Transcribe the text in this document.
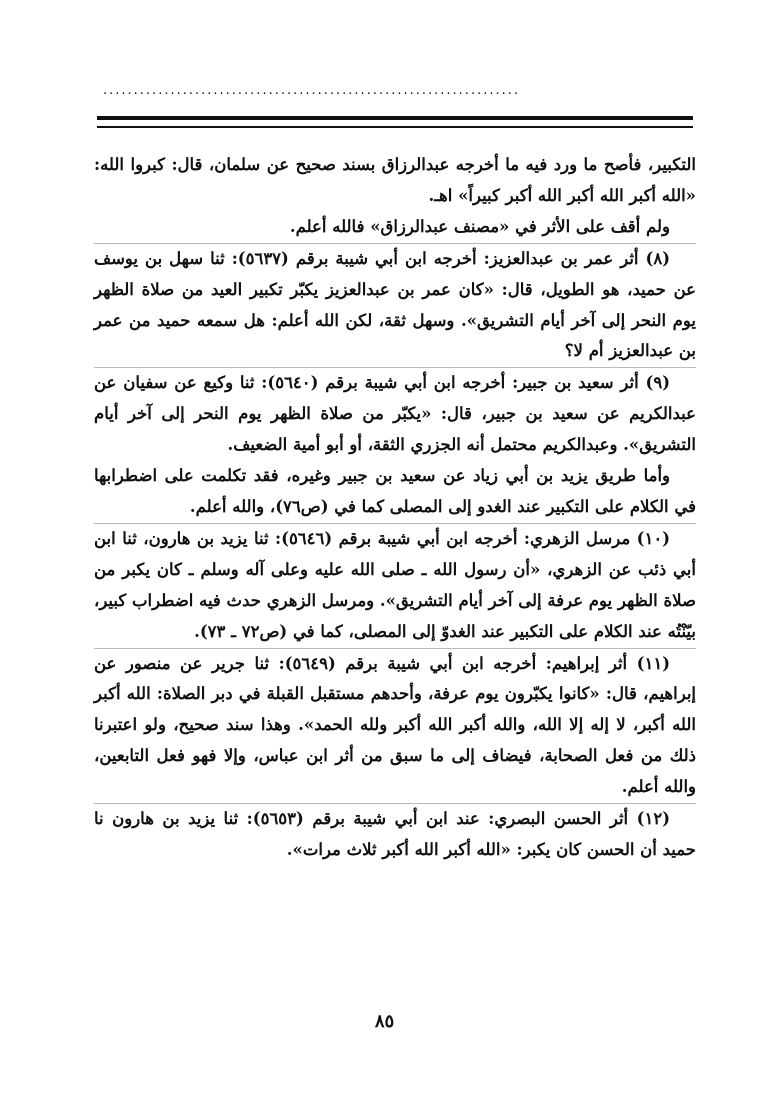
....................................................................

التكبير، فأصح ما ورد فيه ما أخرجه عبدالرزاق بسند صحيح عن سلمان، قال: كبروا الله: «الله أكبر الله أكبر الله أكبر كبيراً» اهـ.

ولم أقف على الأثر في «مصنف عبدالرزاق» فالله أعلم.

(٨) أثر عمر بن عبدالعزيز: أخرجه ابن أبي شيبة برقم (٥٦٣٧): ثنا سهل بن يوسف عن حميد، هو الطويل، قال: «كان عمر بن عبدالعزيز يكبّر تكبير العيد من صلاة الظهر يوم النحر إلى آخر أيام التشريق». وسهل ثقة، لكن الله أعلم: هل سمعه حميد من عمر بن عبدالعزيز أم لا؟

(٩) أثر سعيد بن جبير: أخرجه ابن أبي شيبة برقم (٥٦٤٠): ثنا وكيع عن سفيان عن عبدالكريم عن سعيد بن جبير، قال: «يكبّر من صلاة الظهر يوم النحر إلى آخر أيام التشريق». وعبدالكريم محتمل أنه الجزري الثقة، أو أبو أمية الضعيف.

وأما طريق يزيد بن أبي زياد عن سعيد بن جبير وغيره، فقد تكلمت على اضطرابها في الكلام على التكبير عند الغدو إلى المصلى كما في (ص٧٦)، والله أعلم.

(١٠) مرسل الزهري: أخرجه ابن أبي شيبة برقم (٥٦٤٦): ثنا يزيد بن هارون، ثنا ابن أبي ذئب عن الزهري، «أن رسول الله ـ صلى الله عليه وعلى آله وسلم ـ كان يكبر من صلاة الظهر يوم عرفة إلى آخر أيام التشريق». ومرسل الزهري حدث فيه اضطراب كبير، بيّنْتُه عند الكلام على التكبير عند الغدوّ إلى المصلى، كما في (ص٧٢ ـ ٧٣).

(١١) أثر إبراهيم: أخرجه ابن أبي شيبة برقم (٥٦٤٩): ثنا جرير عن منصور عن إبراهيم، قال: «كانوا يكبّرون يوم عرفة، وأحدهم مستقبل القبلة في دبر الصلاة: الله أكبر الله أكبر، لا إله إلا الله، والله أكبر الله أكبر ولله الحمد». وهذا سند صحيح، ولو اعتبرنا ذلك من فعل الصحابة، فيضاف إلى ما سبق من أثر ابن عباس، وإلا فهو فعل التابعين، والله أعلم.

(١٢) أثر الحسن البصري: عند ابن أبي شيبة برقم (٥٦٥٣): ثنا يزيد بن هارون نا حميد أن الحسن كان يكبر: «الله أكبر الله أكبر ثلاث مرات».

٨٥
